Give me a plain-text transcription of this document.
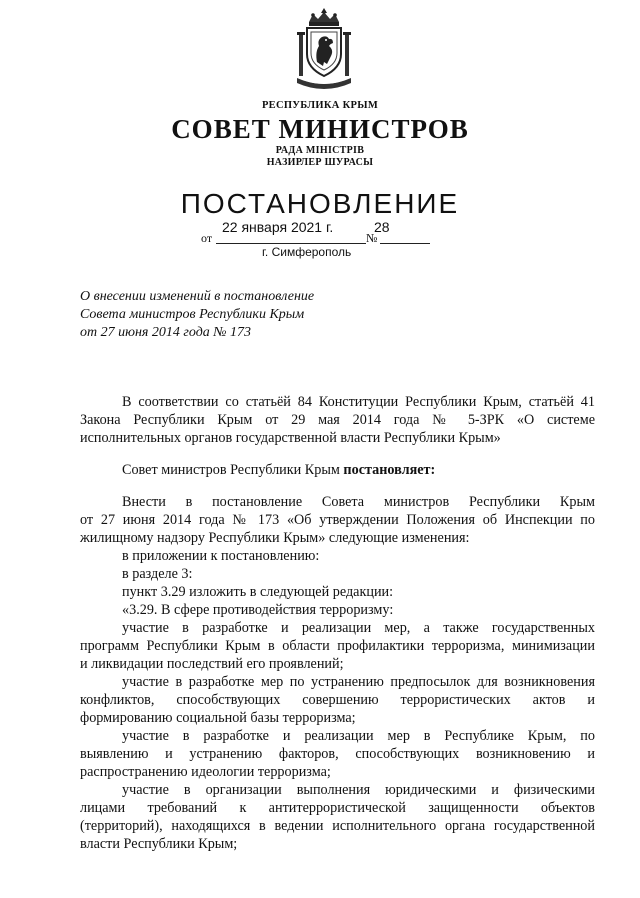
РЕСПУБЛИКА КРЫМ
СОВЕТ МИНИСТРОВ
РАДА МІНІСТРІВ
НАЗИРЛЕР ШУРАСЫ
ПОСТАНОВЛЕНИЕ
от
22 января 2021 г.
№
28
г. Симферополь
О внесении изменений в постановление
Совета министров Республики Крым
от 27 июня 2014 года № 173
В соответствии со статьёй 84 Конституции Республики Крым, статьёй 41
Закона Республики Крым от 29 мая 2014 года № 5-ЗРК «О системе
исполнительных органов государственной власти Республики Крым»
Совет министров Республики Крым постановляет:
Внести в постановление Совета министров Республики Крым
от 27 июня 2014 года № 173 «Об утверждении Положения об Инспекции по
жилищному надзору Республики Крым» следующие изменения:
в приложении к постановлению:
в разделе 3:
пункт 3.29 изложить в следующей редакции:
«3.29. В сфере противодействия терроризму:
участие в разработке и реализации мер, а также государственных
программ Республики Крым в области профилактики терроризма, минимизации
и ликвидации последствий его проявлений;
участие в разработке мер по устранению предпосылок для возникновения
конфликтов, способствующих совершению террористических актов и
формированию социальной базы терроризма;
участие в разработке и реализации мер в Республике Крым, по
выявлению и устранению факторов, способствующих возникновению и
распространению идеологии терроризма;
участие в организации выполнения юридическими и физическими
лицами требований к антитеррористической защищенности объектов
(территорий), находящихся в ведении исполнительного органа государственной
власти Республики Крым;
